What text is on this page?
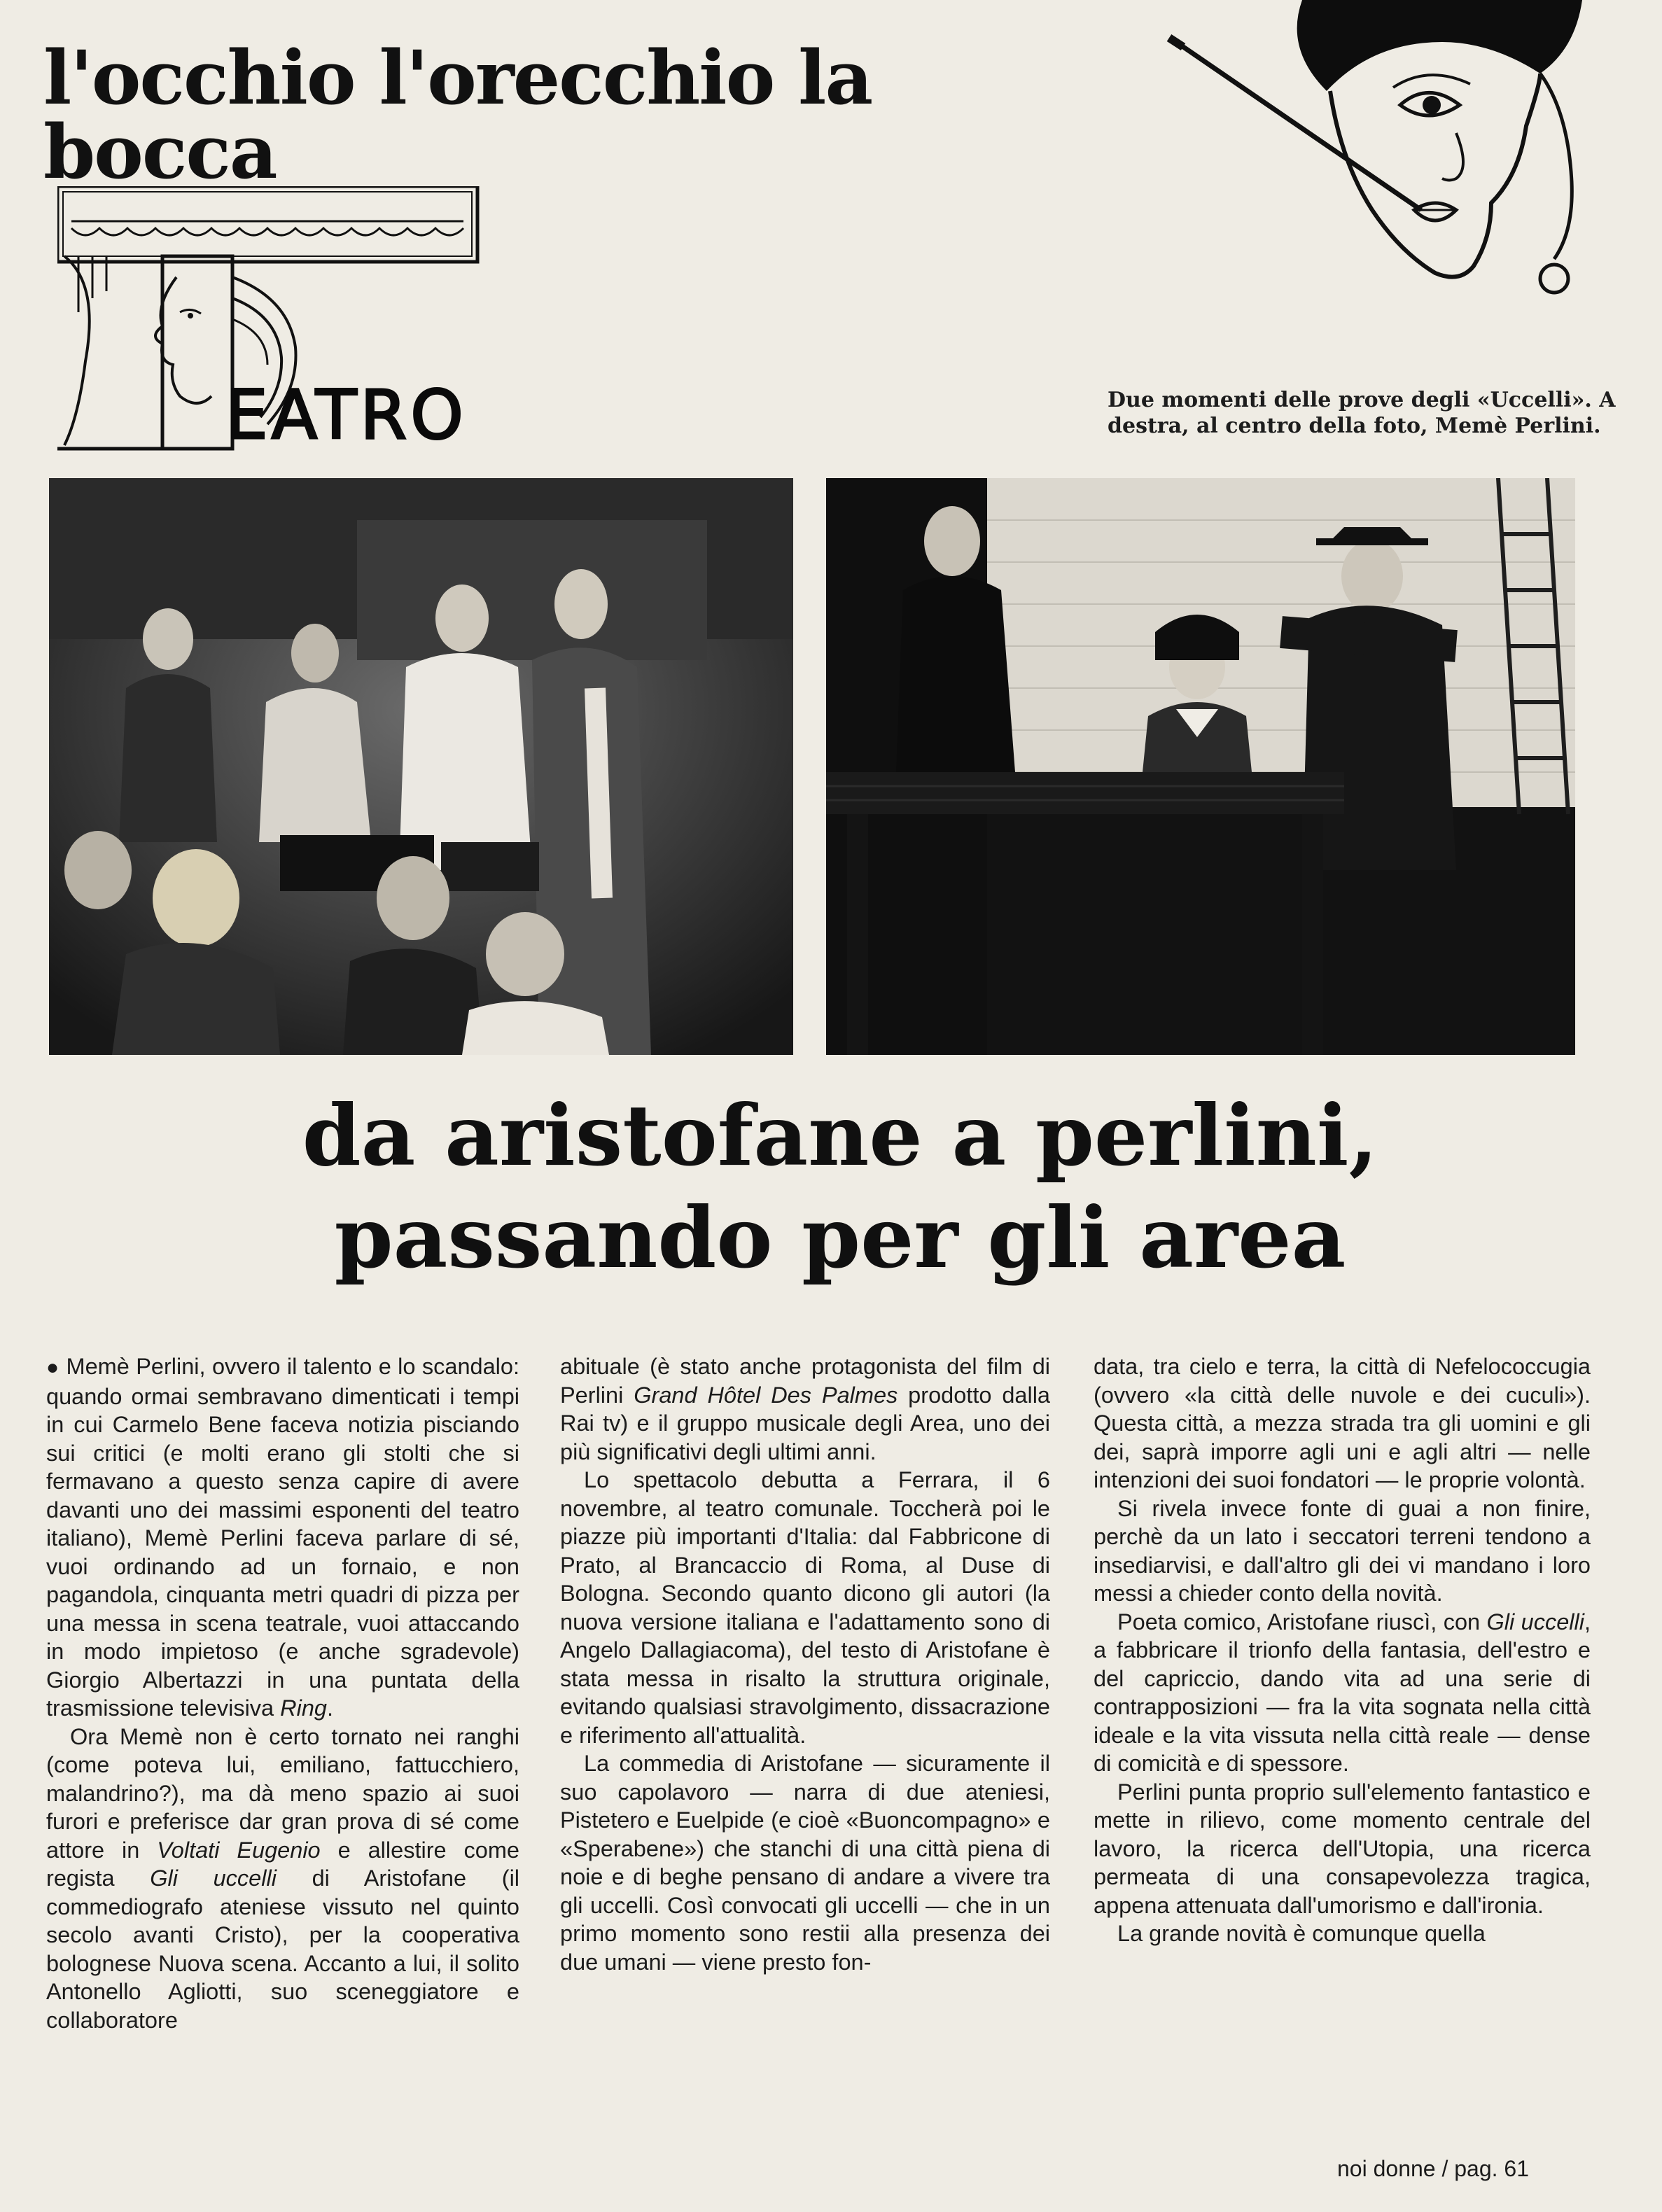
l'occhio l'orecchio la bocca
EATRO	Due momenti delle prove degli «Uccelli». A destra, al centro della foto, Memè Perlini.
da aristofane a perlini,
passando per gli area

● Memè Perlini, ovvero il talento e lo scandalo: quando ormai sembravano dimenticati i tempi in cui Carmelo Bene faceva notizia pisciando sui critici (e molti erano gli stolti che si fermavano a questo senza capire di avere davanti uno dei massimi esponenti del teatro italiano), Memè Perlini faceva parlare di sé, vuoi ordinando ad un fornaio, e non pagandola, cinquanta metri quadri di pizza per una messa in scena teatrale, vuoi attaccando in modo impietoso (e anche sgradevole) Giorgio Albertazzi in una puntata della trasmissione televisiva Ring.

Ora Memè non è certo tornato nei ranghi (come poteva lui, emiliano, fattucchiero, malandrino?), ma dà meno spazio ai suoi furori e preferisce dar gran prova di sé come attore in Voltati Eugenio e allestire come regista Gli uccelli di Aristofane (il commediografo ateniese vissuto nel quinto secolo avanti Cristo), per la cooperativa bolognese Nuova scena. Accanto a lui, il solito Antonello Agliotti, suo sceneggiatore e collaboratore

abituale (è stato anche protagonista del film di Perlini Grand Hôtel Des Palmes prodotto dalla Rai tv) e il gruppo musicale degli Area, uno dei più significativi degli ultimi anni.

Lo spettacolo debutta a Ferrara, il 6 novembre, al teatro comunale. Toccherà poi le piazze più importanti d'Italia: dal Fabbricone di Prato, al Brancaccio di Roma, al Duse di Bologna. Secondo quanto dicono gli autori (la nuova versione italiana e l'adattamento sono di Angelo Dallagiacoma), del testo di Aristofane è stata messa in risalto la struttura originale, evitando qualsiasi stravolgimento, dissacrazione e riferimento all'attualità.

La commedia di Aristofane — sicuramente il suo capolavoro — narra di due ateniesi, Pistetero e Euelpide (e cioè «Buoncompagno» e «Sperabene») che stanchi di una città piena di noie e di beghe pensano di andare a vivere tra gli uccelli. Così convocati gli uccelli — che in un primo momento sono restii alla presenza dei due umani — viene presto fon-

data, tra cielo e terra, la città di Nefelococcugia (ovvero «la città delle nuvole e dei cuculi»). Questa città, a mezza strada tra gli uomini e gli dei, saprà imporre agli uni e agli altri — nelle intenzioni dei suoi fondatori — le proprie volontà.

Si rivela invece fonte di guai a non finire, perchè da un lato i seccatori terreni tendono a insediarvisi, e dall'altro gli dei vi mandano i loro messi a chieder conto della novità.

Poeta comico, Aristofane riuscì, con Gli uccelli, a fabbricare il trionfo della fantasia, dell'estro e del capriccio, dando vita ad una serie di contrapposizioni — fra la vita sognata nella città ideale e la vita vissuta nella città reale — dense di comicità e di spessore.

Perlini punta proprio sull'elemento fantastico e mette in rilievo, come momento centrale del lavoro, la ricerca dell'Utopia, una ricerca permeata di una consapevolezza tragica, appena attenuata dall'umorismo e dall'ironia.

La grande novità è comunque quella

noi donne / pag. 61
